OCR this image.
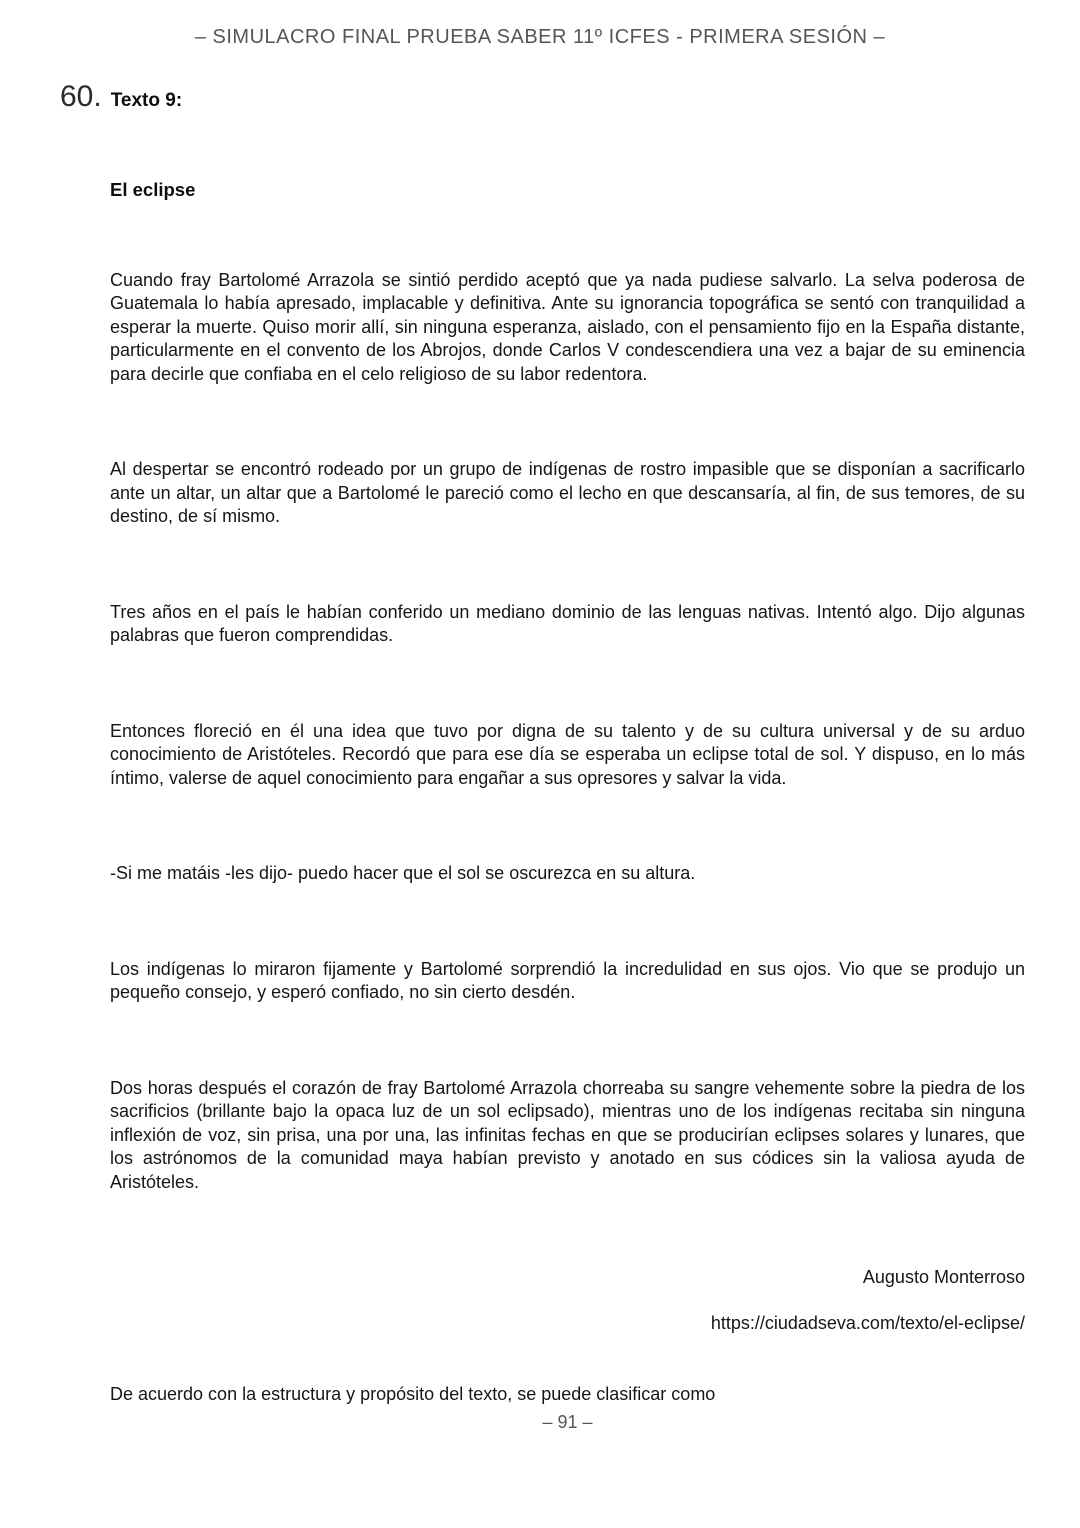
– SIMULACRO FINAL PRUEBA SABER 11º ICFES - PRIMERA SESIÓN –
60. Texto 9:
El eclipse

Cuando fray Bartolomé Arrazola se sintió perdido aceptó que ya nada pudiese salvarlo. La selva poderosa de Guatemala lo había apresado, implacable y definitiva. Ante su ignorancia topográfica se sentó con tranquilidad a esperar la muerte. Quiso morir allí, sin ninguna esperanza, aislado, con el pensamiento fijo en la España distante, particularmente en el convento de los Abrojos, donde Carlos V condescendiera una vez a bajar de su eminencia para decirle que confiaba en el celo religioso de su labor redentora.

Al despertar se encontró rodeado por un grupo de indígenas de rostro impasible que se disponían a sacrificarlo ante un altar, un altar que a Bartolomé le pareció como el lecho en que descansaría, al fin, de sus temores, de su destino, de sí mismo.

Tres años en el país le habían conferido un mediano dominio de las lenguas nativas. Intentó algo. Dijo algunas palabras que fueron comprendidas.

Entonces floreció en él una idea que tuvo por digna de su talento y de su cultura universal y de su arduo conocimiento de Aristóteles. Recordó que para ese día se esperaba un eclipse total de sol. Y dispuso, en lo más íntimo, valerse de aquel conocimiento para engañar a sus opresores y salvar la vida.

-Si me matáis -les dijo- puedo hacer que el sol se oscurezca en su altura.

Los indígenas lo miraron fijamente y Bartolomé sorprendió la incredulidad en sus ojos. Vio que se produjo un pequeño consejo, y esperó confiado, no sin cierto desdén.

Dos horas después el corazón de fray Bartolomé Arrazola chorreaba su sangre vehemente sobre la piedra de los sacrificios (brillante bajo la opaca luz de un sol eclipsado), mientras uno de los indígenas recitaba sin ninguna inflexión de voz, sin prisa, una por una, las infinitas fechas en que se producirían eclipses solares y lunares, que los astrónomos de la comunidad maya habían previsto y anotado en sus códices sin la valiosa ayuda de Aristóteles.

Augusto Monterroso
https://ciudadseva.com/texto/el-eclipse/
De acuerdo con la estructura y propósito del texto, se puede clasificar como
– 91 –
